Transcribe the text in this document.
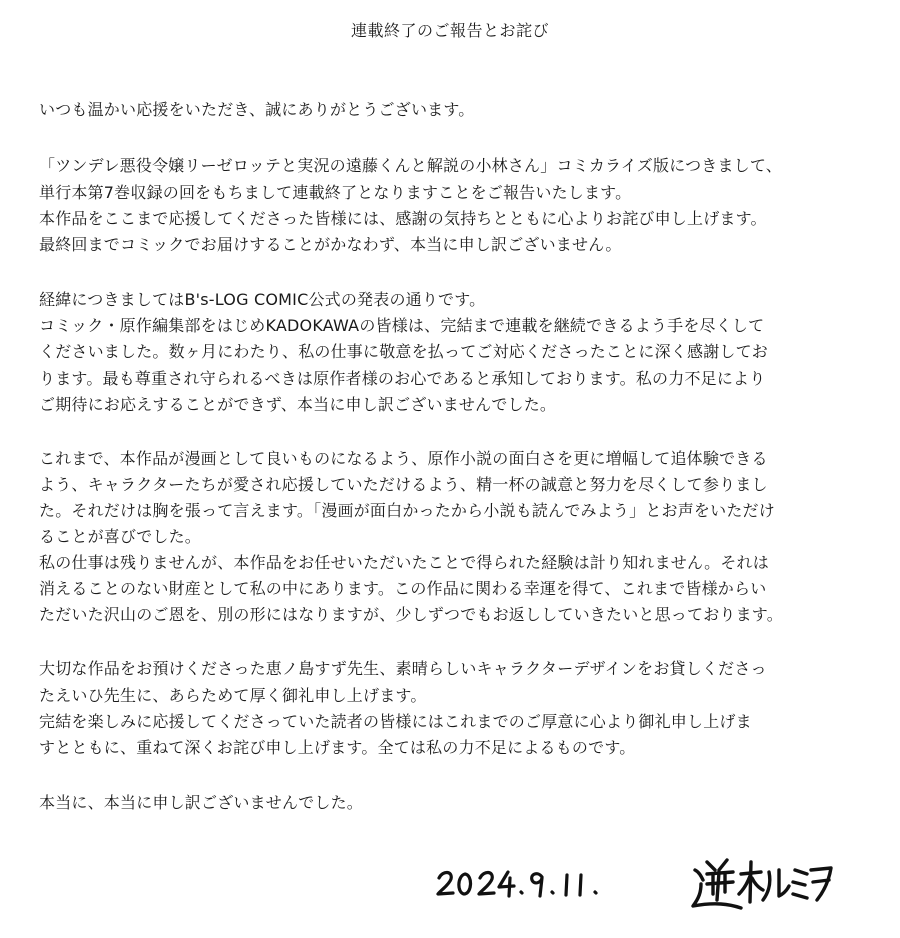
連載終了のご報告とお詫び
いつも温かい応援をいただき、誠にありがとうございます。
「ツンデレ悪役令嬢リーゼロッテと実況の遠藤くんと解説の小林さん」コミカライズ版につきまして、
単行本第7巻収録の回をもちまして連載終了となりますことをご報告いたします。
本作品をここまで応援してくださった皆様には、感謝の気持ちとともに心よりお詫び申し上げます。
最終回までコミックでお届けすることがかなわず、本当に申し訳ございません。
経緯につきましてはB's-LOG COMIC公式の発表の通りです。
コミック・原作編集部をはじめKADOKAWAの皆様は、完結まで連載を継続できるよう手を尽くして
くださいました。数ヶ月にわたり、私の仕事に敬意を払ってご対応くださったことに深く感謝してお
ります。最も尊重され守られるべきは原作者様のお心であると承知しております。私の力不足により
ご期待にお応えすることができず、本当に申し訳ございませんでした。
これまで、本作品が漫画として良いものになるよう、原作小説の面白さを更に増幅して追体験できる
よう、キャラクターたちが愛され応援していただけるよう、精一杯の誠意と努力を尽くして参りまし
た。それだけは胸を張って言えます。「漫画が面白かったから小説も読んでみよう」とお声をいただけ
ることが喜びでした。
私の仕事は残りませんが、本作品をお任せいただいたことで得られた経験は計り知れません。それは
消えることのない財産として私の中にあります。この作品に関わる幸運を得て、これまで皆様からい
ただいた沢山のご恩を、別の形にはなりますが、少しずつでもお返ししていきたいと思っております。
大切な作品をお預けくださった恵ノ島すず先生、素晴らしいキャラクターデザインをお貸しくださっ
たえいひ先生に、あらためて厚く御礼申し上げます。
完結を楽しみに応援してくださっていた読者の皆様にはこれまでのご厚意に心より御礼申し上げま
すとともに、重ねて深くお詫び申し上げます。全ては私の力不足によるものです。
本当に、本当に申し訳ございませんでした。
